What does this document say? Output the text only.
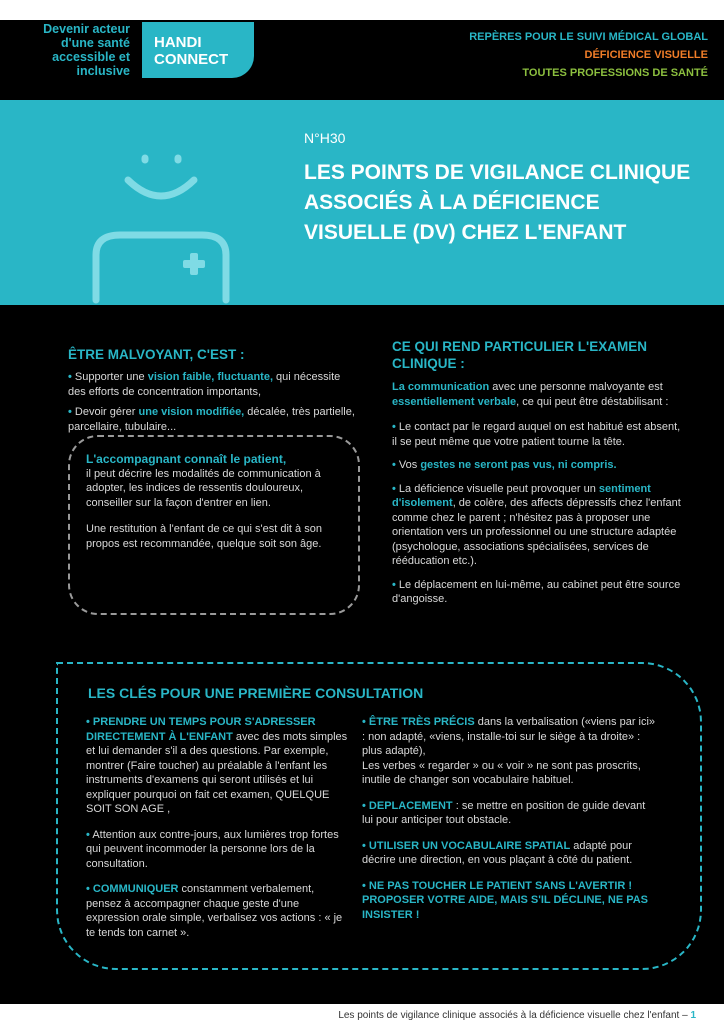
Devenir acteur d'une santé accessible et inclusive
HANDI
CONNECT
REPÈRES POUR LE SUIVI MÉDICAL GLOBAL
DÉFICIENCE VISUELLE
TOUTES PROFESSIONS DE SANTÉ
N°H30
LES POINTS DE VIGILANCE CLINIQUE ASSOCIÉS À LA DÉFICIENCE VISUELLE (DV) CHEZ L'ENFANT
ÊTRE MALVOYANT, C'EST :

• Supporter une vision faible, fluctuante, qui nécessite des efforts de concentration importants,

• Devoir gérer une vision modifiée, décalée, très partielle, parcellaire, tubulaire...

L'accompagnant connaît le patient,

il peut décrire les modalités de communication à adopter, les indices de ressentis douloureux, conseiller sur la façon d'entrer en lien.

Une restitution à l'enfant de ce qui s'est dit à son propos est recommandée, quelque soit son âge.

CE QUI REND PARTICULIER L'EXAMEN CLINIQUE :

La communication avec une personne malvoyante est essentiellement verbale, ce qui peut être déstabilisant :

• Le contact par le regard auquel on est habitué est absent, il se peut même que votre patient tourne la tête.

• Vos gestes ne seront pas vus, ni compris.

• La déficience visuelle peut provoquer un sentiment d'isolement, de colère, des affects dépressifs chez l'enfant comme chez le parent ; n'hésitez pas à proposer une orientation vers un professionnel ou une structure adaptée (psychologue, associations spécialisées, services de rééducation etc.).

• Le déplacement en lui-même, au cabinet peut être source d'angoisse.

LES CLÉS POUR UNE PREMIÈRE CONSULTATION

• PRENDRE UN TEMPS POUR S'ADRESSER DIRECTEMENT À L'ENFANT avec des mots simples et lui demander s'il a des questions. Par exemple, montrer (Faire toucher) au préalable à l'enfant les instruments d'examens qui seront utilisés et lui expliquer pourquoi on fait cet examen, QUELQUE SOIT SON AGE ,

• Attention aux contre-jours, aux lumières trop fortes qui peuvent incommoder la personne lors de la consultation.

• COMMUNIQUER constamment verbalement, pensez à accompagner chaque geste d'une expression orale simple, verbalisez vos actions : « je te tends ton carnet ».

• ÊTRE TRÈS PRÉCIS dans la verbalisation («viens par ici» : non adapté, «viens, installe-toi sur le siège à ta droite» : plus adapté),
Les verbes « regarder » ou « voir » ne sont pas proscrits, inutile de changer son vocabulaire habituel.

• DEPLACEMENT : se mettre en position de guide devant lui pour anticiper tout obstacle.

• UTILISER UN VOCABULAIRE SPATIAL adapté pour décrire une direction, en vous plaçant à côté du patient.

• NE PAS TOUCHER LE PATIENT SANS L'AVERTIR ! PROPOSER VOTRE AIDE, MAIS S'IL DÉCLINE, NE PAS INSISTER !

Les points de vigilance clinique associés à la déficience visuelle chez l'enfant – 1
